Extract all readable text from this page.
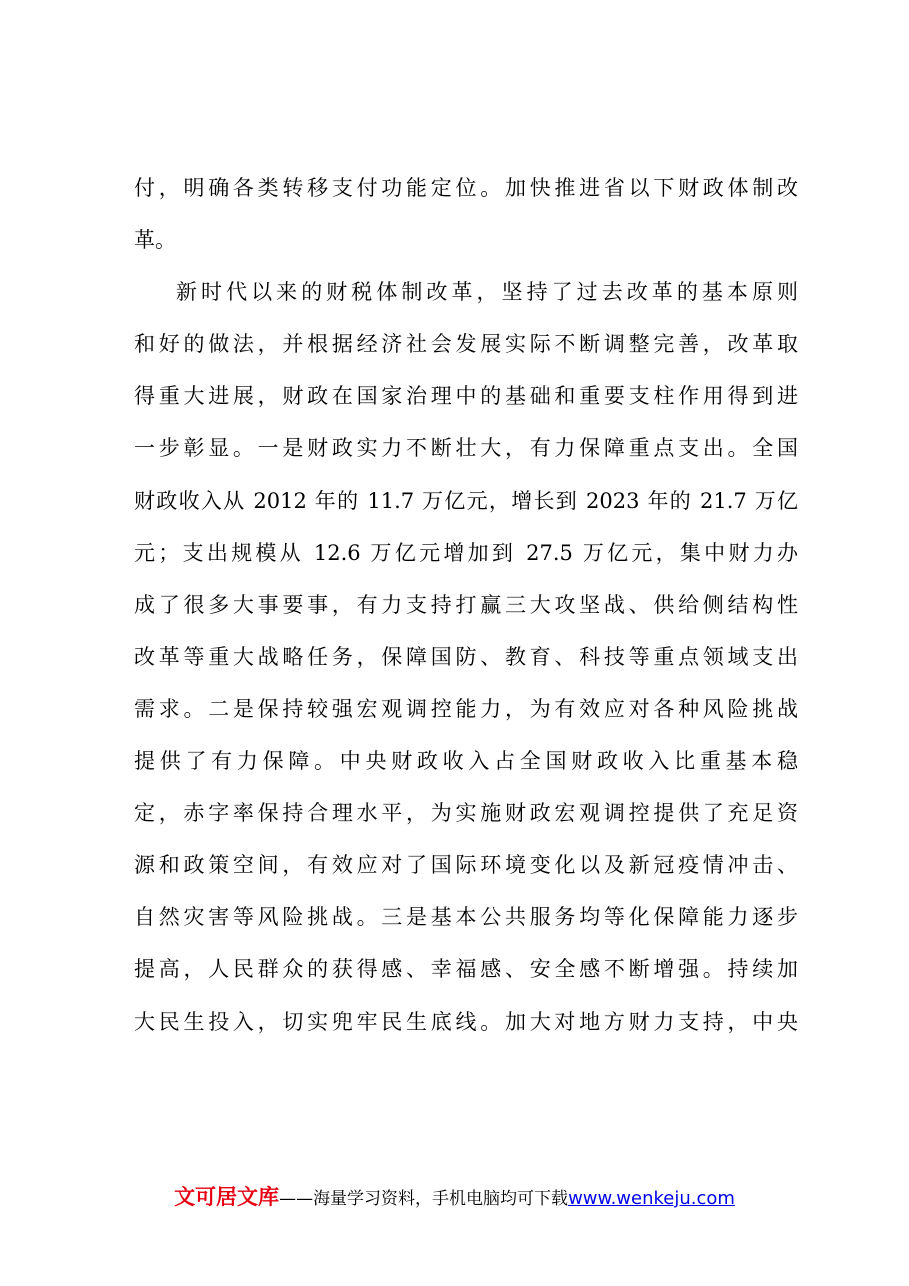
付，明确各类转移支付功能定位。加快推进省以下财政体制改
革。
新时代以来的财税体制改革，坚持了过去改革的基本原则
和好的做法，并根据经济社会发展实际不断调整完善，改革取
得重大进展，财政在国家治理中的基础和重要支柱作用得到进
一步彰显。一是财政实力不断壮大，有力保障重点支出。全国
财政收入从 2012 年的 11.7 万亿元，增长到 2023 年的 21.7 万亿
元；支出规模从 12.6 万亿元增加到 27.5 万亿元，集中财力办
成了很多大事要事，有力支持打赢三大攻坚战、供给侧结构性
改革等重大战略任务，保障国防、教育、科技等重点领域支出
需求。二是保持较强宏观调控能力，为有效应对各种风险挑战
提供了有力保障。中央财政收入占全国财政收入比重基本稳
定，赤字率保持合理水平，为实施财政宏观调控提供了充足资
源和政策空间，有效应对了国际环境变化以及新冠疫情冲击、
自然灾害等风险挑战。三是基本公共服务均等化保障能力逐步
提高，人民群众的获得感、幸福感、安全感不断增强。持续加
大民生投入，切实兜牢民生底线。加大对地方财力支持，中央
文可居文库——海量学习资料，手机电脑均可下载www.wenkeju.com
